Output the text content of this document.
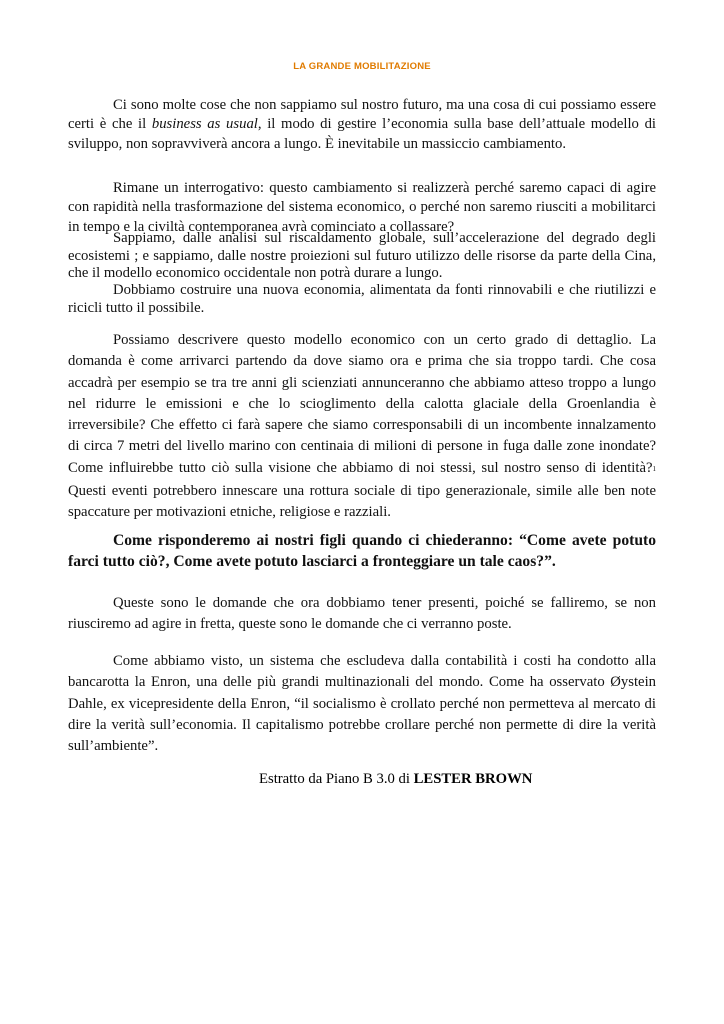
LA GRANDE MOBILITAZIONE

Ci sono molte cose che non sappiamo sul nostro futuro, ma una cosa di cui possiamo essere certi è che il business as usual, il modo di gestire l’economia sulla base dell’attuale modello di sviluppo, non sopravviverà ancora a lungo. È inevitabile un massiccio cambiamento.

Rimane un interrogativo: questo cambiamento si realizzerà perché saremo capaci di agire con rapidità nella trasformazione del sistema economico, o perché non saremo riusciti a mobilitarci in tempo e la civiltà contemporanea avrà cominciato a collassare?

Sappiamo, dalle analisi sul riscaldamento globale, sull’accelerazione del degrado degli ecosistemi ; e sappiamo, dalle nostre proiezioni sul futuro utilizzo delle risorse da parte della Cina, che il modello economico occidentale non potrà durare a lungo.

Dobbiamo costruire una nuova economia, alimentata da fonti rinnovabili e che riutilizzi e ricicli tutto il possibile.

Possiamo descrivere questo modello economico con un certo grado di dettaglio. La domanda è come arrivarci partendo da dove siamo ora e prima che sia troppo tardi. Che cosa accadrà per esempio se tra tre anni gli scienziati annunceranno che abbiamo atteso troppo a lungo nel ridurre le emissioni e che lo scioglimento della calotta glaciale della Groenlandia è irreversibile? Che effetto ci farà sapere che siamo corresponsabili di un incombente innalzamento di circa 7 metri del livello marino con centinaia di milioni di persone in fuga dalle zone inondate? Come influirebbe tutto ciò sulla visione che abbiamo di noi stessi, sul nostro senso di identità?1 Questi eventi potrebbero innescare una rottura sociale di tipo generazionale, simile alle ben note spaccature per motivazioni etniche, religiose e razziali.

Come risponderemo ai nostri figli quando ci chiederanno: “Come avete potuto farci tutto ciò?, Come avete potuto lasciarci a fronteggiare un tale caos?”.

Queste sono le domande che ora dobbiamo tener presenti, poiché se falliremo, se non riusciremo ad agire in fretta, queste sono le domande che ci verranno poste.

Come abbiamo visto, un sistema che escludeva dalla contabilità i costi ha condotto alla bancarotta la Enron, una delle più grandi multinazionali del mondo. Come ha osservato Øystein Dahle, ex vicepresidente della Enron, “il socialismo è crollato perché non permetteva al mercato di dire la verità sull’economia. Il capitalismo potrebbe crollare perché non permette di dire la verità sull’ambiente”.

Estratto da Piano B 3.0 di LESTER BROWN
